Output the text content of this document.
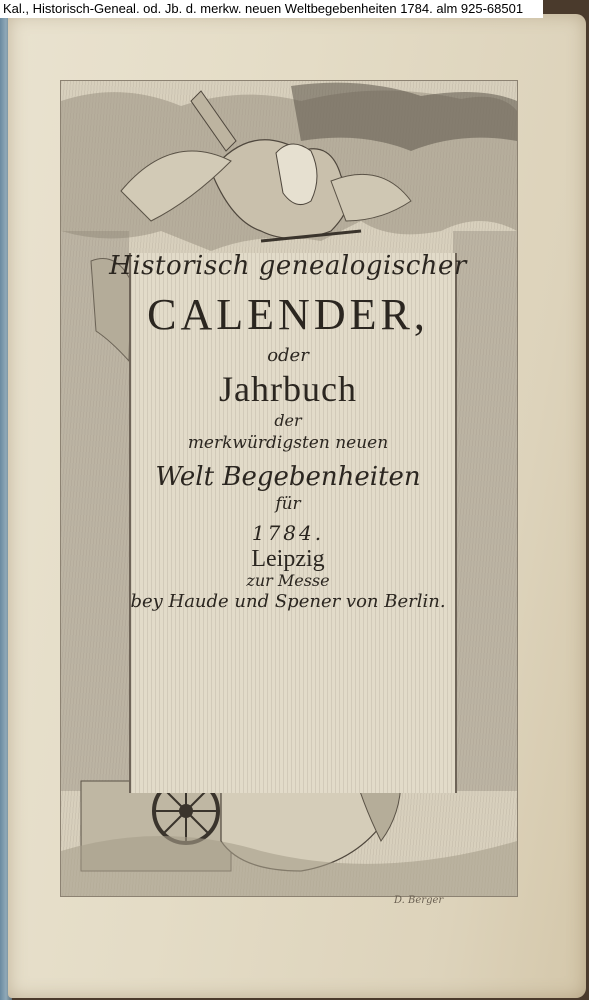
Kal., Historisch-Geneal. od. Jb. d. merkw. neuen Weltbegebenheiten 1784. alm 925-68501
Historisch genealogischer
CALENDER,
oder
Jahrbuch
der
merkwürdigsten neuen
Welt Begebenheiten
für
1784.
Leipzig
zur Messe
bey Haude und Spener von Berlin.
D. Berger
